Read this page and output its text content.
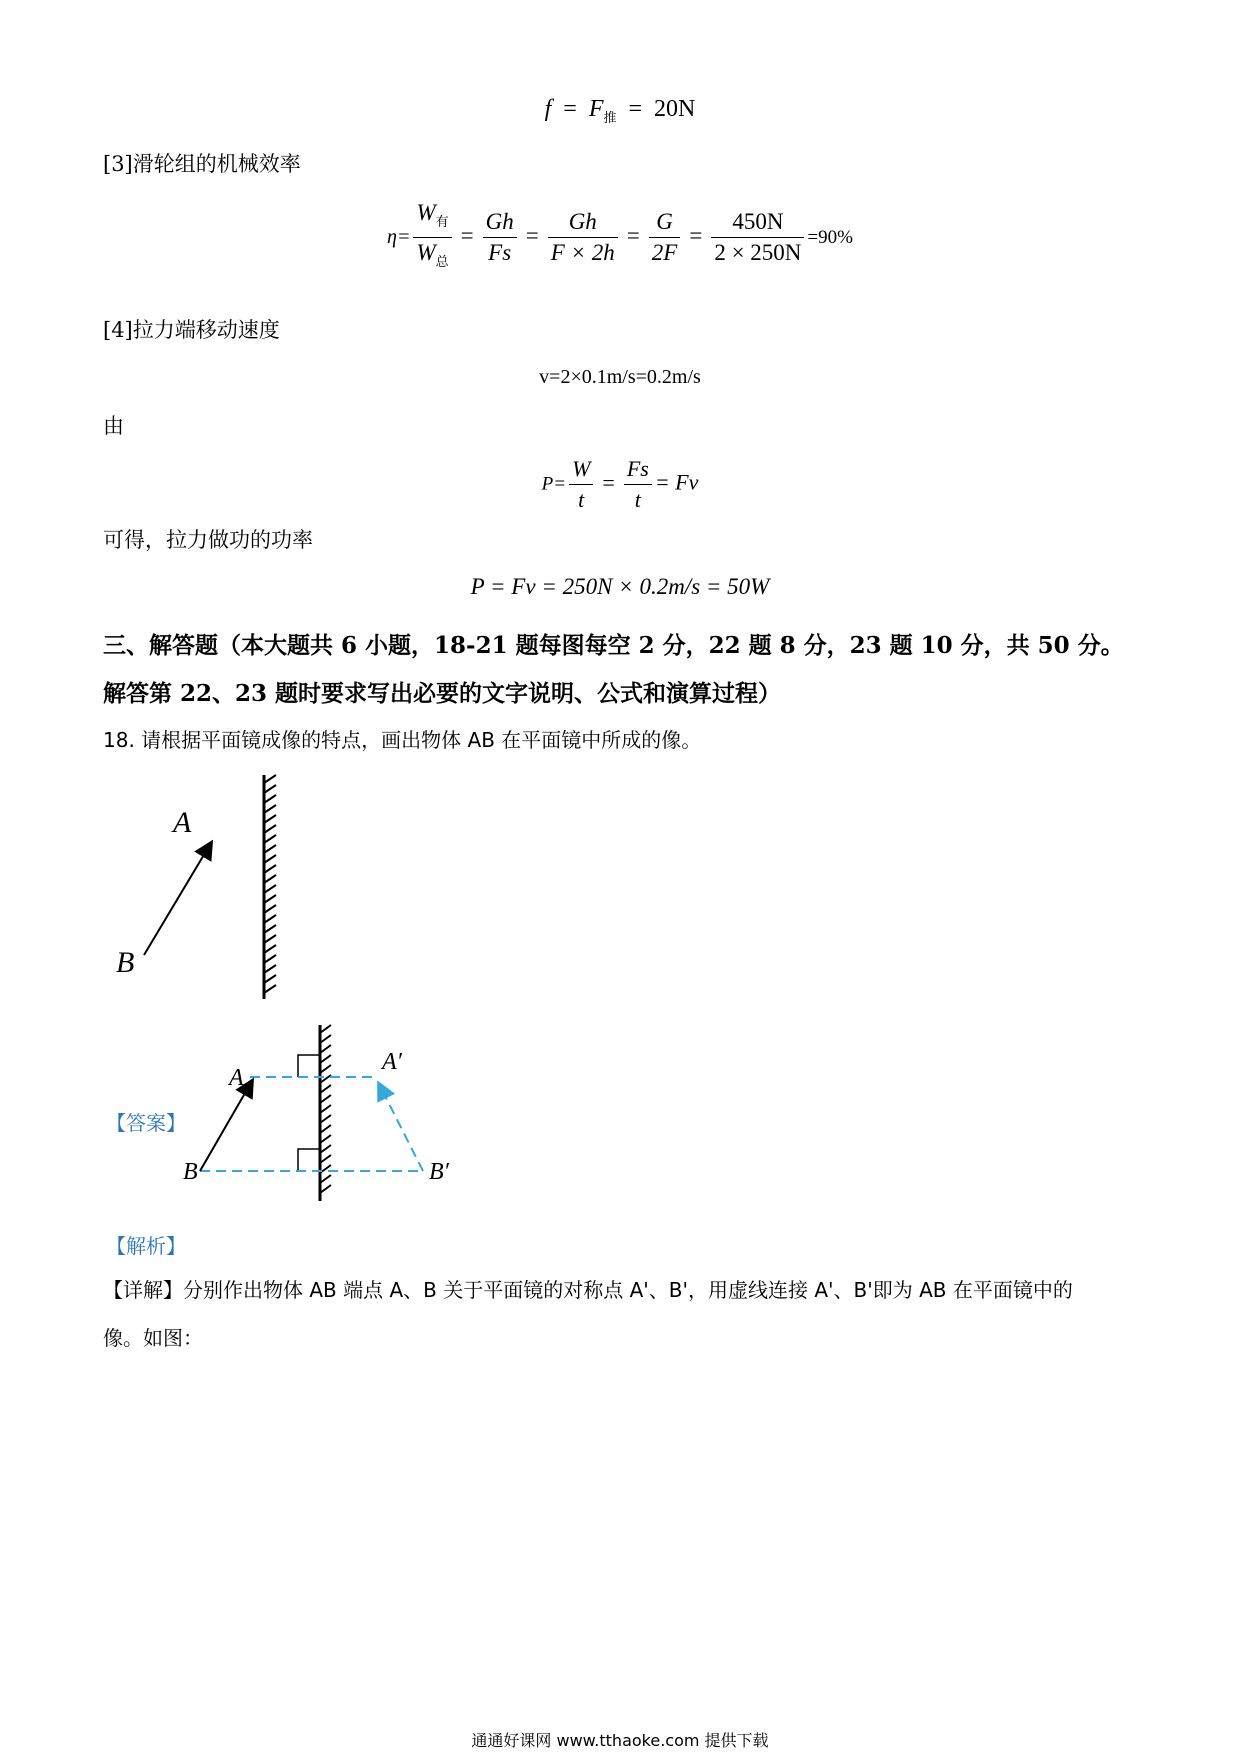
$f = F_推 = 20N$
[3]滑轮组的机械效率
$\eta= \frac{W_有}{W_总} = \frac{Gh}{Fs} = \frac{Gh}{F \times 2h} = \frac{G}{2F} = \frac{450N}{2 \times 250N} =90\%$
[4]拉力端移动速度
v=2×0.1m/s=0.2m/s
由
$P= \frac{W}{t} = \frac{Fs}{t} = Fv$
可得，拉力做功的功率
P = Fv = 250N × 0.2m/s = 50W
三、解答题（本大题共 6 小题，18-21 题每图每空 2 分，22 题 8 分，23 题 10 分，共 50 分。
解答第 22、23 题时要求写出必要的文字说明、公式和演算过程）
18. 请根据平面镜成像的特点，画出物体 AB 在平面镜中所成的像。
A
B
【答案】
A
A′
B	B′
【解析】
【详解】分别作出物体 AB 端点 A、B 关于平面镜的对称点 A'、B'，用虚线连接 A'、B'即为 AB 在平面镜中的
像。如图：
通通好课网 www.tthaoke.com 提供下载
